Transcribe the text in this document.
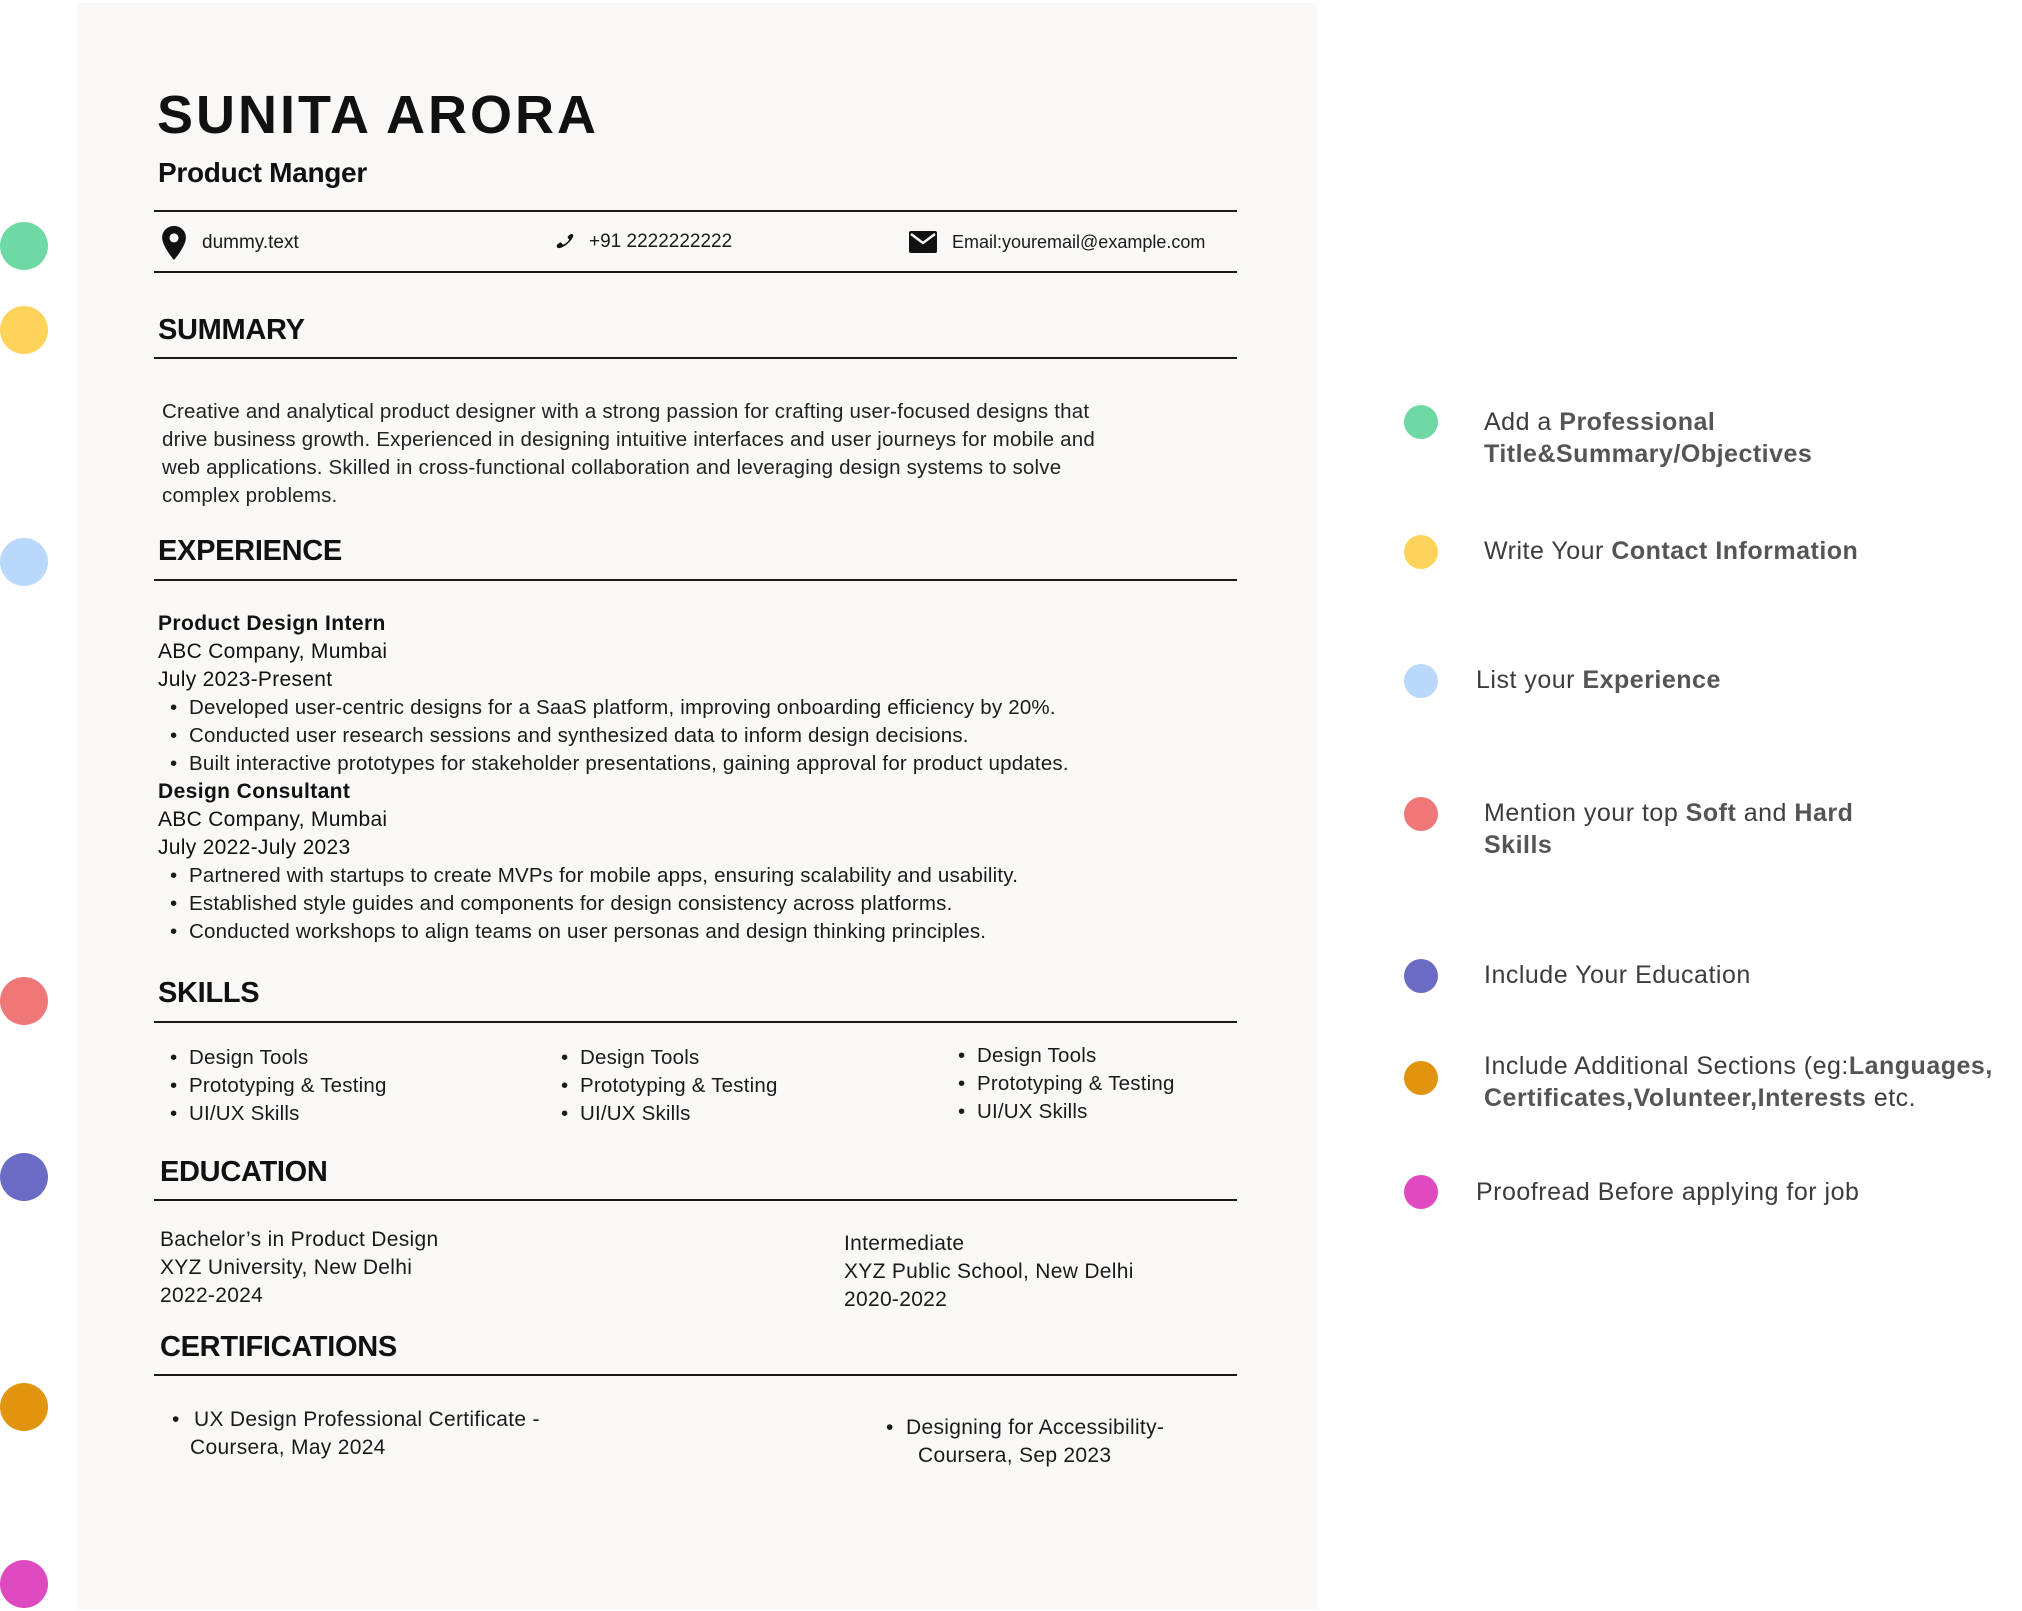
SUNITA ARORA
Product Manger
dummy.text	+91 2222222222	Email:youremail@example.com
SUMMARY
Creative and analytical product designer with a strong passion for crafting user-focused designs that
drive business growth. Experienced in designing intuitive interfaces and user journeys for mobile and
web applications. Skilled in cross-functional collaboration and leveraging design systems to solve
complex problems.
EXPERIENCE
Product Design Intern
ABC Company, Mumbai
July 2023-Present
• Developed user-centric designs for a SaaS platform, improving onboarding efficiency by 20%.
• Conducted user research sessions and synthesized data to inform design decisions.
• Built interactive prototypes for stakeholder presentations, gaining approval for product updates.
Design Consultant
ABC Company, Mumbai
July 2022-July 2023
• Partnered with startups to create MVPs for mobile apps, ensuring scalability and usability.
• Established style guides and components for design consistency across platforms.
• Conducted workshops to align teams on user personas and design thinking principles.
SKILLS
• Design Tools
• Prototyping & Testing
• UI/UX Skills
• Design Tools
• Prototyping & Testing
• UI/UX Skills
• Design Tools
• Prototyping & Testing
• UI/UX Skills
EDUCATION
Bachelor’s in Product Design
XYZ University, New Delhi
2022-2024
Intermediate
XYZ Public School, New Delhi
2020-2022
CERTIFICATIONS
• UX Design Professional Certificate -
Coursera, May 2024
• Designing for Accessibility-
Coursera, Sep 2023
Add a Professional
Title&Summary/Objectives
Write Your Contact Information
List your Experience
Mention your top Soft and Hard
Skills
Include Your Education
Include Additional Sections (eg:Languages,
Certificates,Volunteer,Interests etc.
Proofread Before applying for job
